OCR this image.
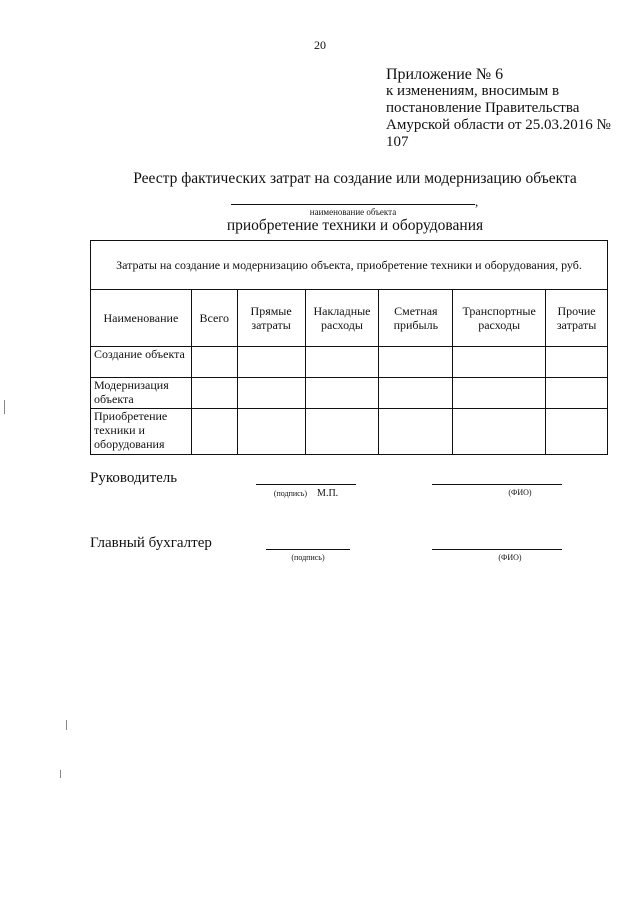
20
Приложение № 6
к изменениям, вносимым в
постановление Правительства
Амурской области от 25.03.2016 №
107
Реестр фактических затрат на создание или модернизацию объекта
,
наименование объекта
приобретение техники и оборудования
Затраты на создание и модернизацию объекта, приобретение техники и оборудования, руб.						
Наименование	Всего	Прямые затраты	Накладные расходы	Сметная прибыль	Транспортные расходы	Прочие затраты
Создание объекта						
Модернизация объекта						
Приобретение техники и оборудования						
Руководитель
(подпись) М.П.	(ФИО)
Главный бухгалтер
(подпись)	(ФИО)
